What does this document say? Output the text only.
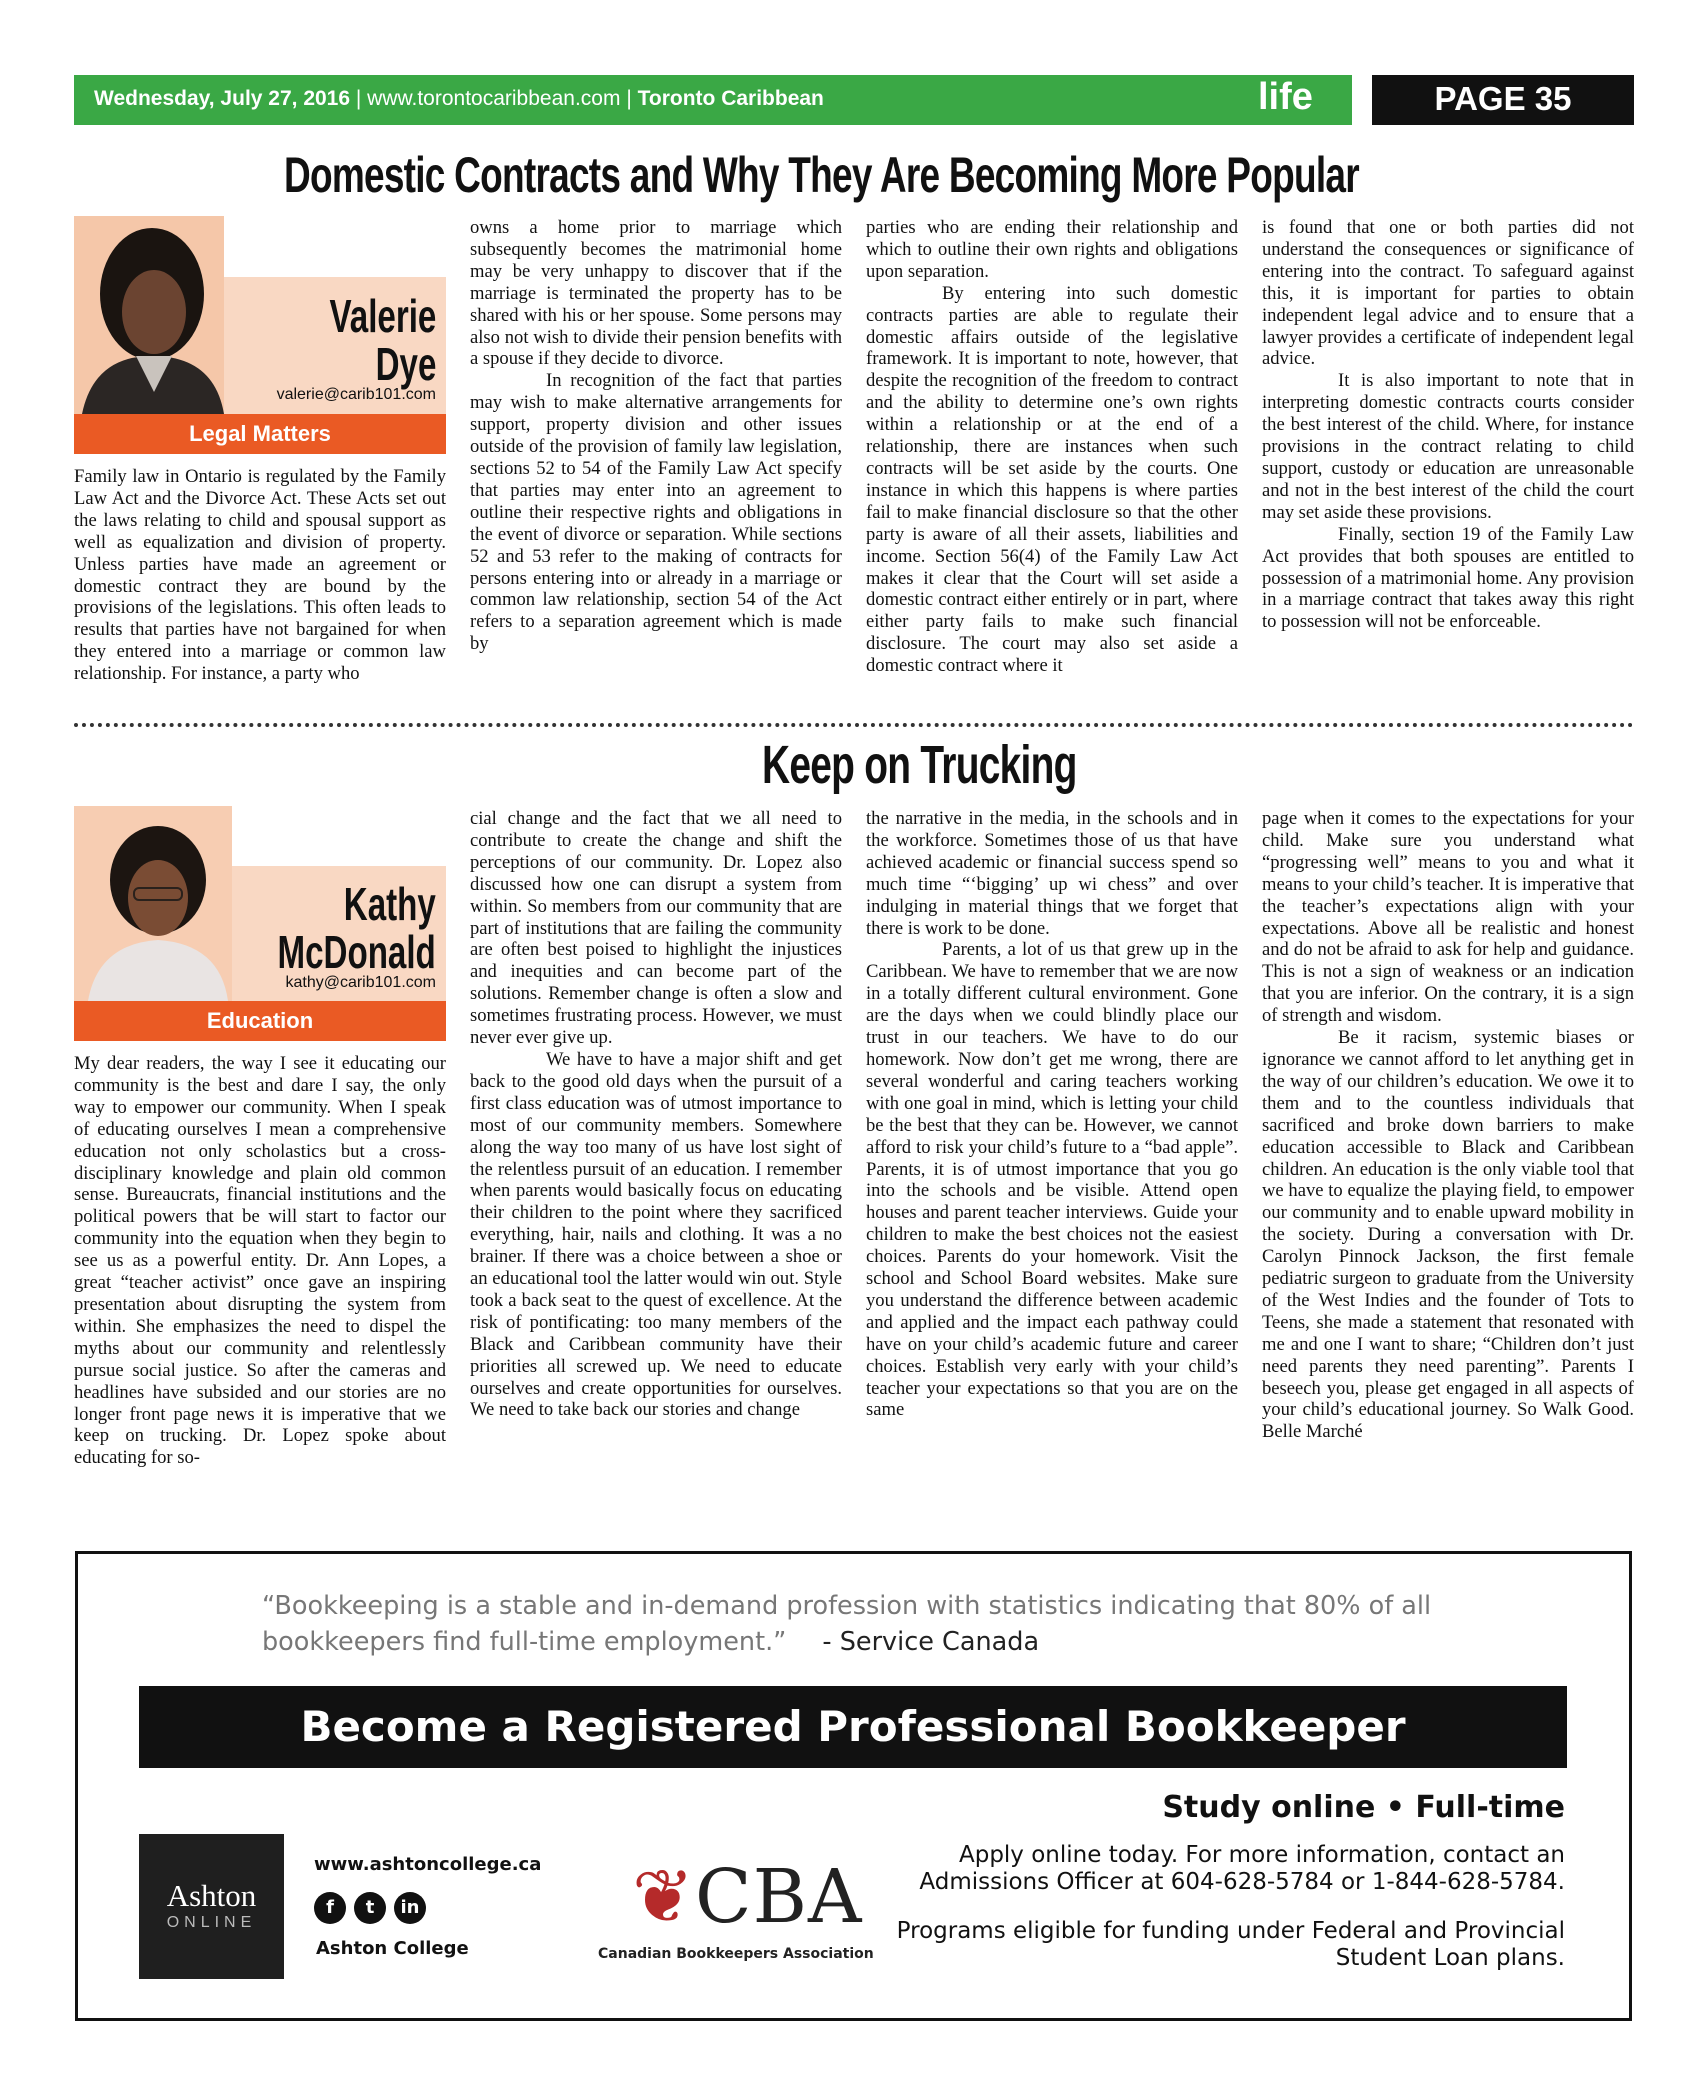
Wednesday, July 27, 2016 | www.torontocaribbean.com | Toronto Caribbean	life	PAGE 35
Domestic Contracts and Why They Are Becoming More Popular
Valerie
Dye
valerie@carib101.com
Legal Matters

Family law in Ontario is regulated by the Family Law Act and the Divorce Act. These Acts set out the laws relating to child and spousal support as well as equalization and division of property. Unless parties have made an agreement or domestic contract they are bound by the provisions of the legislations. This often leads to results that parties have not bargained for when they entered into a marriage or common law relationship. For instance, a party who

owns a home prior to marriage which subsequently becomes the matrimonial home may be very unhappy to discover that if the marriage is terminated the property has to be shared with his or her spouse. Some persons may also not wish to divide their pension benefits with a spouse if they decide to divorce.

In recognition of the fact that parties may wish to make alternative arrangements for support, property division and other issues outside of the provision of family law legislation, sections 52 to 54 of the Family Law Act specify that parties may enter into an agreement to outline their respective rights and obligations in the event of divorce or separation. While sections 52 and 53 refer to the making of contracts for persons entering into or already in a marriage or common law relationship, section 54 of the Act refers to a separation agreement which is made by

parties who are ending their relationship and which to outline their own rights and obligations upon separation.

By entering into such domestic contracts parties are able to regulate their domestic affairs outside of the legislative framework. It is important to note, however, that despite the recognition of the freedom to contract and the ability to determine one’s own rights within a relationship or at the end of a relationship, there are instances when such contracts will be set aside by the courts. One instance in which this happens is where parties fail to make financial disclosure so that the other party is aware of all their assets, liabilities and income. Section 56(4) of the Family Law Act makes it clear that the Court will set aside a domestic contract either entirely or in part, where either party fails to make such financial disclosure. The court may also set aside a domestic contract where it

is found that one or both parties did not understand the consequences or significance of entering into the contract. To safeguard against this, it is important for parties to obtain independent legal advice and to ensure that a lawyer provides a certificate of independent legal advice.

It is also important to note that in interpreting domestic contracts courts consider the best interest of the child. Where, for instance provisions in the contract relating to child support, custody or education are unreasonable and not in the best interest of the child the court may set aside these provisions.

Finally, section 19 of the Family Law Act provides that both spouses are entitled to possession of a matrimonial home. Any provision in a marriage contract that takes away this right to possession will not be enforceable.

Keep on Trucking
Kathy
McDonald
kathy@carib101.com
Education

My dear readers, the way I see it educating our community is the best and dare I say, the only way to empower our community. When I speak of educating ourselves I mean a comprehensive education not only scholastics but a cross-disciplinary knowledge and plain old common sense. Bureaucrats, financial institutions and the political powers that be will start to factor our community into the equation when they begin to see us as a powerful entity. Dr. Ann Lopes, a great “teacher activist” once gave an inspiring presentation about disrupting the system from within. She emphasizes the need to dispel the myths about our community and relentlessly pursue social justice. So after the cameras and headlines have subsided and our stories are no longer front page news it is imperative that we keep on trucking. Dr. Lopez spoke about educating for so-

cial change and the fact that we all need to contribute to create the change and shift the perceptions of our community. Dr. Lopez also discussed how one can disrupt a system from within. So members from our community that are part of institutions that are failing the community are often best poised to highlight the injustices and inequities and can become part of the solutions. Remember change is often a slow and sometimes frustrating process. However, we must never ever give up.

We have to have a major shift and get back to the good old days when the pursuit of a first class education was of utmost importance to most of our community members. Somewhere along the way too many of us have lost sight of the relentless pursuit of an education. I remember when parents would basically focus on educating their children to the point where they sacrificed everything, hair, nails and clothing. It was a no brainer. If there was a choice between a shoe or an educational tool the latter would win out. Style took a back seat to the quest of excellence. At the risk of pontificating: too many members of the Black and Caribbean community have their priorities all screwed up. We need to educate ourselves and create opportunities for ourselves. We need to take back our stories and change

the narrative in the media, in the schools and in the workforce. Sometimes those of us that have achieved academic or financial success spend so much time “‘bigging’ up wi chess” and over indulging in material things that we forget that there is work to be done.

Parents, a lot of us that grew up in the Caribbean. We have to remember that we are now in a totally different cultural environment. Gone are the days when we could blindly place our trust in our teachers. We have to do our homework. Now don’t get me wrong, there are several wonderful and caring teachers working with one goal in mind, which is letting your child be the best that they can be. However, we cannot afford to risk your child’s future to a “bad apple”. Parents, it is of utmost importance that you go into the schools and be visible. Attend open houses and parent teacher interviews. Guide your children to make the best choices not the easiest choices. Parents do your homework. Visit the school and School Board websites. Make sure you understand the difference between academic and applied and the impact each pathway could have on your child’s academic future and career choices. Establish very early with your child’s teacher your expectations so that you are on the same

page when it comes to the expectations for your child. Make sure you understand what “progressing well” means to you and what it means to your child’s teacher. It is imperative that the teacher’s expectations align with your expectations. Above all be realistic and honest and do not be afraid to ask for help and guidance. This is not a sign of weakness or an indication that you are inferior. On the contrary, it is a sign of strength and wisdom.

Be it racism, systemic biases or ignorance we cannot afford to let anything get in the way of our children’s education. We owe it to them and to the countless individuals that sacrificed and broke down barriers to make education accessible to Black and Caribbean children. An education is the only viable tool that we have to equalize the playing field, to empower our community and to enable upward mobility in the society. During a conversation with Dr. Carolyn Pinnock Jackson, the first female pediatric surgeon to graduate from the University of the West Indies and the founder of Tots to Teens, she made a statement that resonated with me and one I want to share; “Children don’t just need parents they need parenting”. Parents I beseech you, please get engaged in all aspects of your child’s educational journey. So Walk Good. Belle Marché

“Bookkeeping is a stable and in-demand profession with statistics indicating that 80% of all bookkeepers find full-time employment.” - Service Canada
Become a Registered Professional Bookkeeper
Study online • Full-time
Apply online today. For more information, contact an Admissions Officer at 604-628-5784 or 1-844-628-5784.
Programs eligible for funding under Federal and Provincial Student Loan plans.
Ashton
ONLINE
www.ashtoncollege.ca
f	t	in
Ashton College
❦CBA
Canadian Bookkeepers Association
